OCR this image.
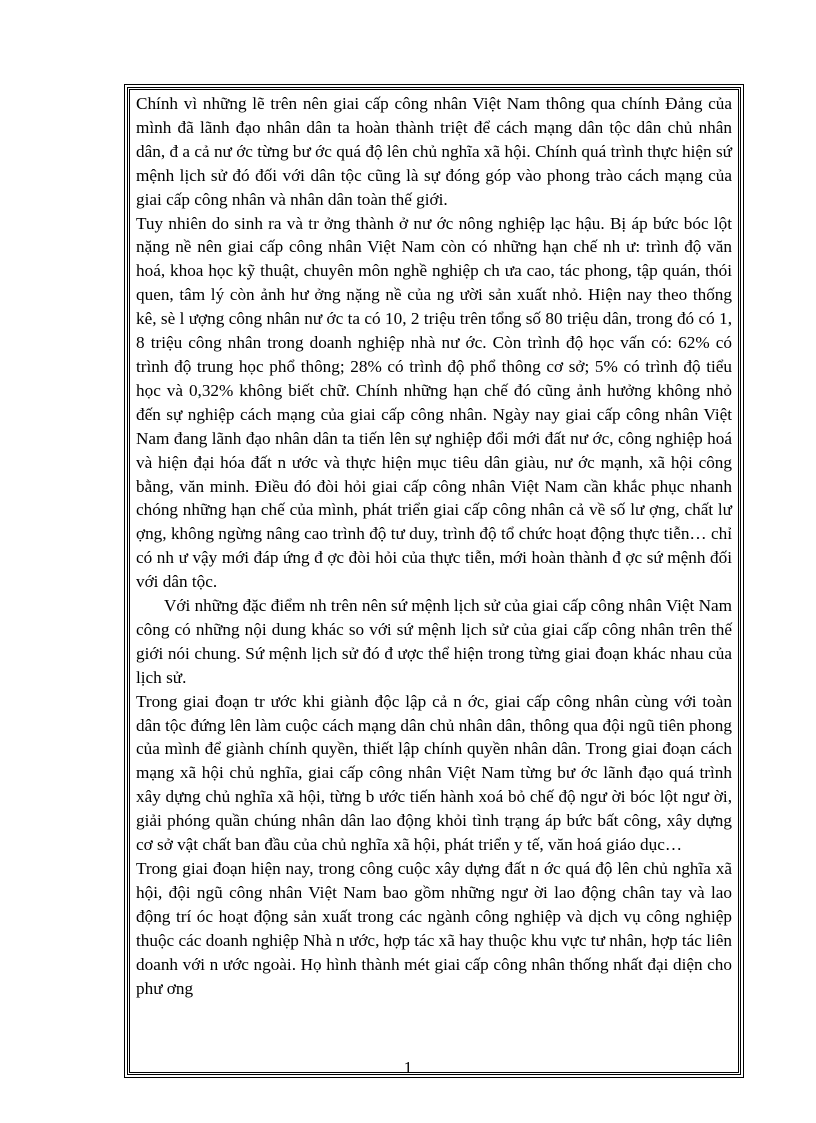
Chính vì những lẽ trên nên giai cấp công nhân Việt Nam thông qua chính Đảng của mình đã lãnh đạo nhân dân ta hoàn thành triệt để cách mạng dân tộc dân chủ nhân dân, đ a cả nư ớc từng bư ớc quá độ lên chủ nghĩa xã hội. Chính quá trình thực hiện sứ mệnh lịch sử đó đối với dân tộc cũng là sự đóng góp vào phong trào cách mạng của giai cấp công nhân và nhân dân toàn thế giới.

Tuy nhiên do sinh ra và tr ởng thành ở nư ớc nông nghiệp lạc hậu. Bị áp bức bóc lột nặng nề nên giai cấp công nhân Việt Nam còn có những hạn chế nh ư: trình độ văn hoá, khoa học kỹ thuật, chuyên môn nghề nghiệp ch ưa cao, tác phong, tập quán, thói quen, tâm lý còn ảnh hư ởng nặng nề của ng ười sản xuất nhỏ. Hiện nay theo thống kê, sè l ượng công nhân nư ớc ta có 10, 2 triệu trên tổng số 80 triệu dân, trong đó có 1, 8 triệu công nhân trong doanh nghiệp nhà nư ớc. Còn trình độ học vấn có: 62% có trình độ trung học phổ thông; 28% có trình độ phổ thông cơ sở; 5% có trình độ tiểu học và 0,32% không biết chữ. Chính những hạn chế đó cũng ảnh hưởng không nhỏ đến sự nghiệp cách mạng của giai cấp công nhân. Ngày nay giai cấp công nhân Việt Nam đang lãnh đạo nhân dân ta tiến lên sự nghiệp đổi mới đất nư ớc, công nghiệp hoá và hiện đại hóa đất n ước và thực hiện mục tiêu dân giàu, nư ớc mạnh, xã hội công bằng, văn minh. Điều đó đòi hỏi giai cấp công nhân Việt Nam cần khắc phục nhanh chóng những hạn chế của mình, phát triển giai cấp công nhân cả về số lư ợng, chất lư ợng, không ngừng nâng cao trình độ tư duy, trình độ tổ chức hoạt động thực tiễn… chỉ có nh ư vậy mới đáp ứng đ ợc đòi hỏi của thực tiễn, mới hoàn thành đ ợc sứ mệnh đối với dân tộc.

Với những đặc điểm nh trên nên sứ mệnh lịch sử của giai cấp công nhân Việt Nam công có những nội dung khác so với sứ mệnh lịch sử của giai cấp công nhân trên thế giới nói chung. Sứ mệnh lịch sử đó đ ược thể hiện trong từng giai đoạn khác nhau của lịch sử.

Trong giai đoạn tr ước khi giành độc lập cả n ớc, giai cấp công nhân cùng với toàn dân tộc đứng lên làm cuộc cách mạng dân chủ nhân dân, thông qua đội ngũ tiên phong của mình để giành chính quyền, thiết lập chính quyền nhân dân. Trong giai đoạn cách mạng xã hội chủ nghĩa, giai cấp công nhân Việt Nam từng bư ớc lãnh đạo quá trình xây dựng chủ nghĩa xã hội, từng b ước tiến hành xoá bỏ chế độ ngư ời bóc lột ngư ời, giải phóng quần chúng nhân dân lao động khỏi tình trạng áp bức bất công, xây dựng cơ sở vật chất ban đầu của chủ nghĩa xã hội, phát triển y tế, văn hoá giáo dục…

Trong giai đoạn hiện nay, trong công cuộc xây dựng đất n ớc quá độ lên chủ nghĩa xã hội, đội ngũ công nhân Việt Nam bao gồm những ngư ời lao động chân tay và lao động trí óc hoạt động sản xuất trong các ngành công nghiệp và dịch vụ công nghiệp thuộc các doanh nghiệp Nhà n ước, hợp tác xã hay thuộc khu vực tư nhân, hợp tác liên doanh với n ước ngoài. Họ hình thành mét giai cấp công nhân thống nhất đại diện cho phư ơng

1
